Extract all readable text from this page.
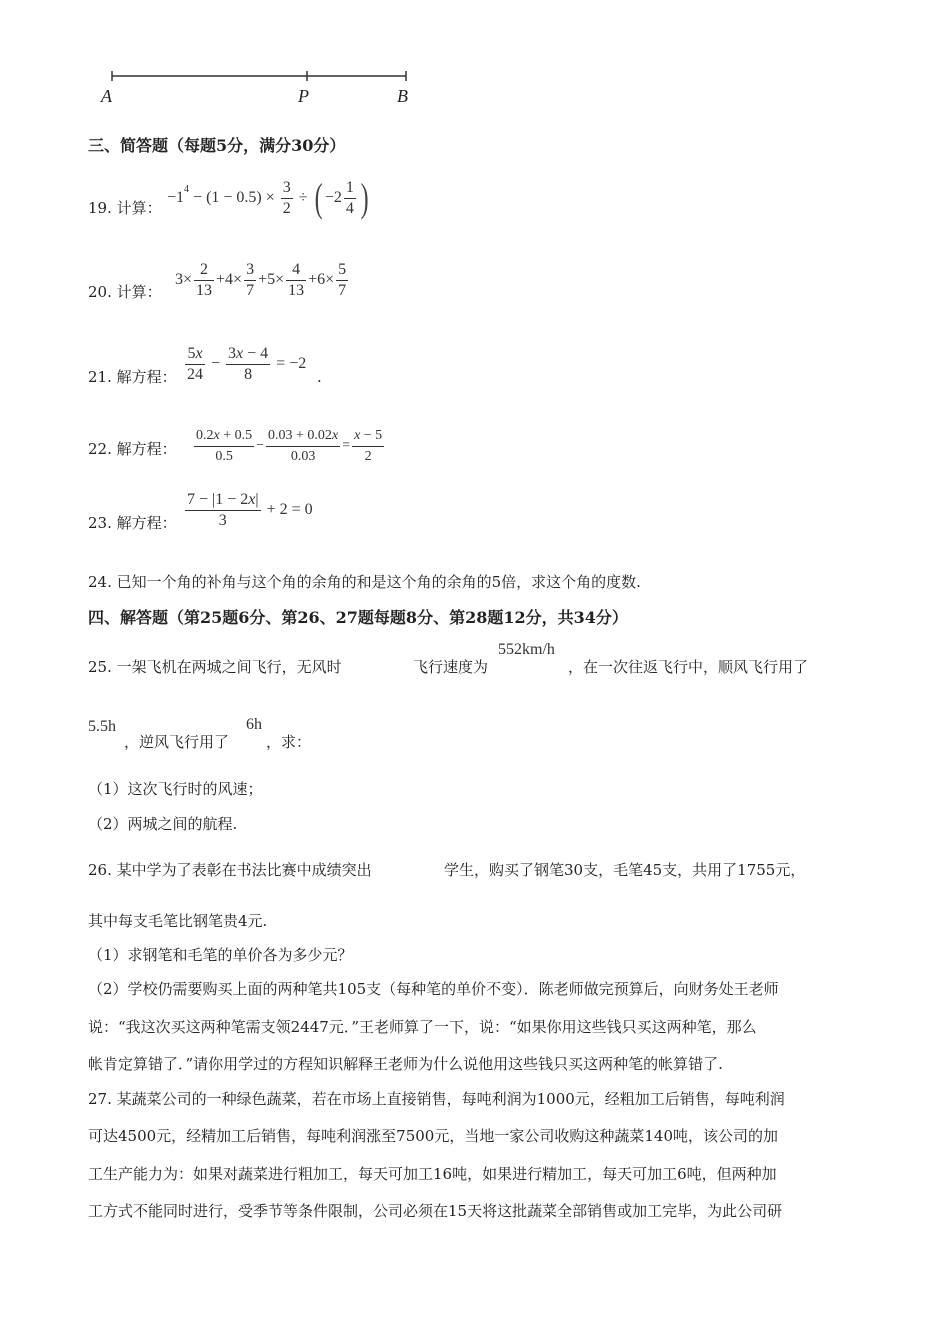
A	P	B
三、简答题（每题5分，满分30分）
19. 计算：
−1 $4 - (1 - 0.5) \times \frac{3}{2}$ ÷ ( $-2 \frac{1}{4}$ )
20. 计算：
$3\times \frac{2}{13} +4\times \frac{3}{7} +5\times \frac{4}{13} +6\times \frac{5}{7}$
21. 解方程： $\frac{5x}{24} - \frac{3x - 4}{8} = -2$
.
22. 解方程： $\frac{0.2x + 0.5}{0.5} - \frac{0.03 + 0.02x}{0.03} = \frac{x - 5}{2}$
23. 解方程： $\frac{7 - |1 - 2x|}{3} + 2 = 0$
24. 已知一个角的补角与这个角的余角的和是这个角的余角的5倍，求这个角的度数.
四、解答题（第25题6分、第26、27题每题8分、第28题12分，共34分）
25. 一架飞机在两城之间飞行，无风时	飞行速度为
552km/h
，在一次往返飞行中，顺风飞行用了
5.5h
，逆风飞行用了
6h
，求：
（1）这次飞行时的风速；
（2）两城之间的航程.
26. 某中学为了表彰在书法比赛中成绩突出	学生，购买了钢笔30支，毛笔45支，共用了1755元，
其中每支毛笔比钢笔贵4元.
（1）求钢笔和毛笔的单价各为多少元？
（2）学校仍需要购买上面的两种笔共105支（每种笔的单价不变）．陈老师做完预算后，向财务处王老师
说：“我这次买这两种笔需支领2447元．”王老师算了一下，说：“如果你用这些钱只买这两种笔，那么
帐肯定算错了．”请你用学过的方程知识解释王老师为什么说他用这些钱只买这两种笔的帐算错了.
27. 某蔬菜公司的一种绿色蔬菜，若在市场上直接销售，每吨利润为1000元，经粗加工后销售，每吨利润
可达4500元，经精加工后销售，每吨利润涨至7500元，当地一家公司收购这种蔬菜140吨，该公司的加
工生产能力为：如果对蔬菜进行粗加工，每天可加工16吨，如果进行精加工，每天可加工6吨，但两种加
工方式不能同时进行，受季节等条件限制，公司必须在15天将这批蔬菜全部销售或加工完毕，为此公司研
